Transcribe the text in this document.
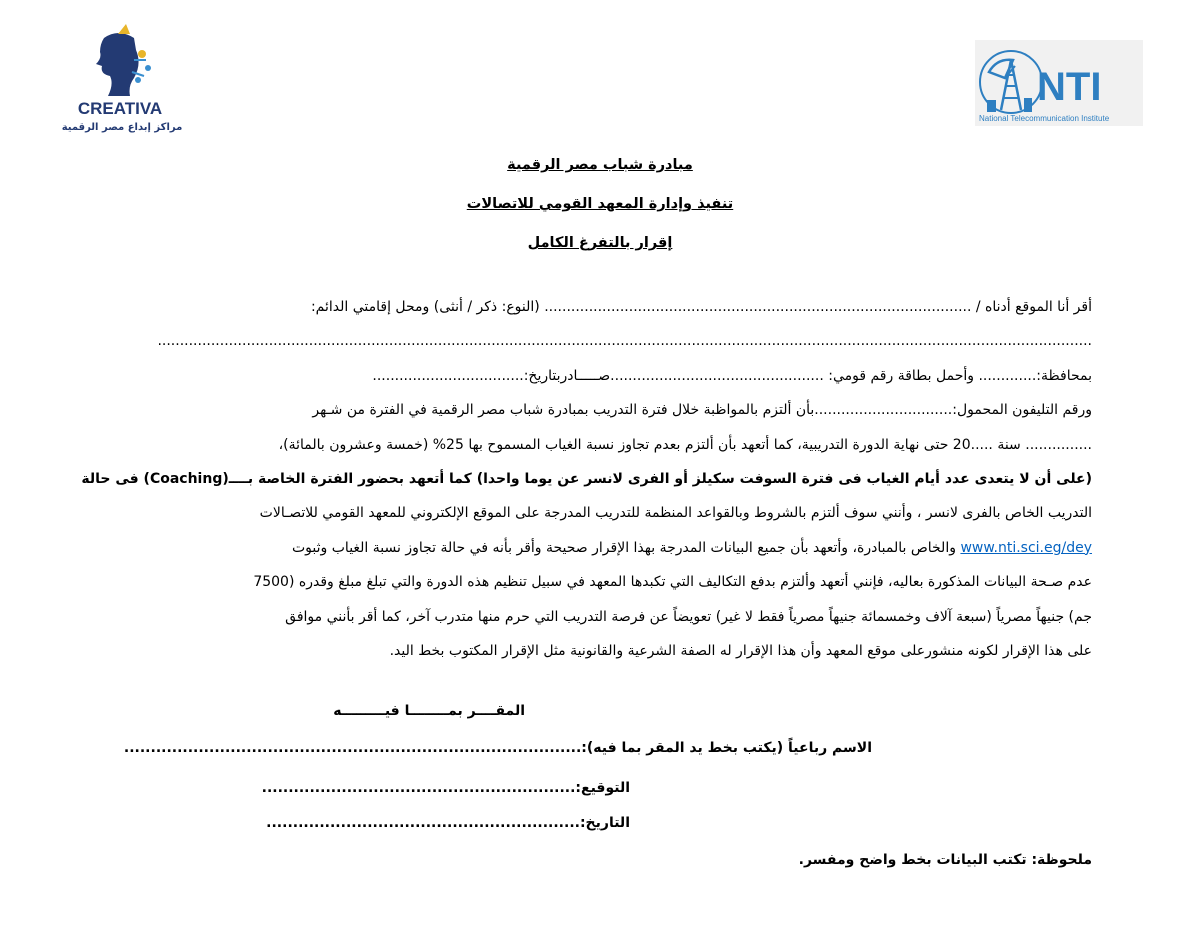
NTI
National Telecommunication Institute
CREATIVA
مراكز إبداع مصر الرقمية
مبادرة شباب مصر الرقمية
تنفيذ وإدارة المعهد القومي للاتصالات
إقرار بالتفرغ الكامل
أقر أنا الموقع أدناه / ................................................................................................ (النوع: ذكر / أنثى) ومحل إقامتي الدائم:
..................................................................................................................................................................................................................
بمحافظة:............. وأحمل بطاقة رقم قومي: ................................................صـــــادربتاريخ:..................................
ورقم التليفون المحمول:...............................بأن ألتزم بالمواظبة خلال فترة التدريب بمبادرة شباب مصر الرقمية في الفترة من شـهر
............... سنة .....20 حتى نهاية الدورة التدريبية، كما أتعهد بأن ألتزم بعدم تجاوز نسبة الغياب المسموح بها 25% (خمسة وعشرون بالمائة)،
(على أن لا يتعدى عدد أيام الغياب فى فترة السوفت سكيلز أو الفرى لانسر عن يوما واحدا) كما أتعهد بحضور الفترة الخاصة بــــ(Coaching) فى حالة
التدريب الخاص بالفرى لانسر ، وأنني سوف ألتزم بالشروط وبالقواعد المنظمة للتدريب المدرجة على الموقع الإلكتروني للمعهد القومي للاتصـالات
www.nti.sci.eg/dey والخاص بالمبادرة، وأتعهد بأن جميع البيانات المدرجة بهذا الإقرار صحيحة وأقر بأنه في حالة تجاوز نسبة الغياب وثبوت
عدم صـحة البيانات المذكورة بعاليه، فإنني أتعهد وألتزم بدفع التكاليف التي تكبدها المعهد في سبيل تنظيم هذه الدورة والتي تبلغ مبلغ وقدره (7500
جم) جنيهاً مصرياً (سبعة آلاف وخمسمائة جنيهاً مصرياً فقط لا غير) تعويضاً عن فرصة التدريب التي حرم منها متدرب آخر، كما أقر بأنني موافق
على هذا الإقرار لكونه منشورعلى موقع المعهد وأن هذا الإقرار له الصفة الشرعية والقانونية مثل الإقرار المكتوب بخط اليد.
المقــــر بمــــــــا فيـــــــــه
الاسم رباعياً (يكتب بخط يد المقر بما فيه):......................................................................................
التوقيع:...........................................................
التاريخ:...........................................................
ملحوظة: تكتب البيانات بخط واضح ومفسر.
